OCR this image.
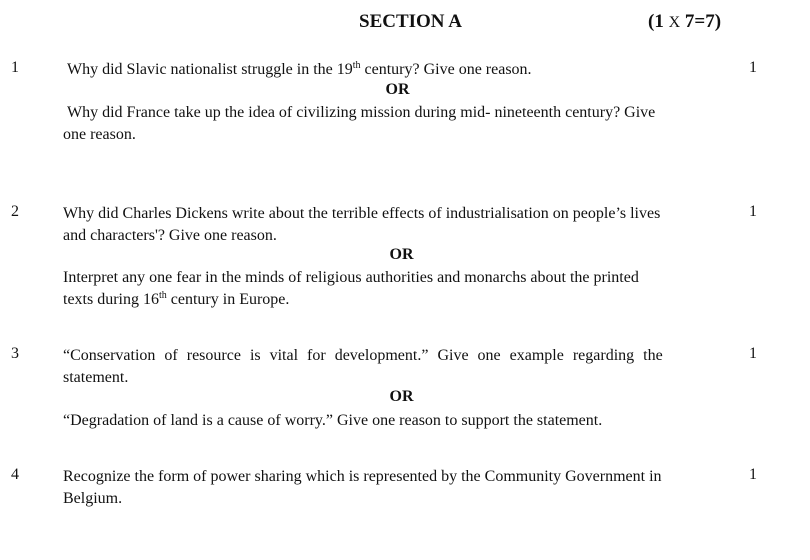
SECTION A	(1 X 7=7)
1	1
Why did Slavic nationalist struggle in the 19th century? Give one reason.
OR
Why did France take up the idea of civilizing mission during mid- nineteenth century? Give
one reason.
2	1
Why did Charles Dickens write about the terrible effects of industrialisation on people’s lives
and characters'? Give one reason.
OR
Interpret any one fear in the minds of religious authorities and monarchs about the printed
texts during 16th century in Europe.
3	1
“Conservation of resource is vital for development.” Give one example regarding the
statement.
OR
“Degradation of land is a cause of worry.” Give one reason to support the statement.
4	1
Recognize the form of power sharing which is represented by the Community Government in
Belgium.
